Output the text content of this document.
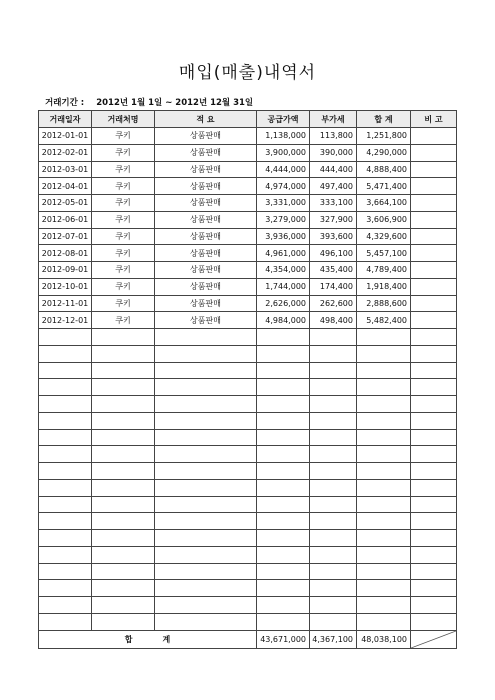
매입(매출)내역서
거래기간 : 2012년 1월 1일 ~ 2012년 12월 31일
거래일자	거래처명	적 요	공급가액	부가세	합 계	비 고
2012-01-01	쿠키	상품판매	1,138,000	113,800	1,251,800	
2012-02-01	쿠키	상품판매	3,900,000	390,000	4,290,000	
2012-03-01	쿠키	상품판매	4,444,000	444,400	4,888,400	
2012-04-01	쿠키	상품판매	4,974,000	497,400	5,471,400	
2012-05-01	쿠키	상품판매	3,331,000	333,100	3,664,100	
2012-06-01	쿠키	상품판매	3,279,000	327,900	3,606,900	
2012-07-01	쿠키	상품판매	3,936,000	393,600	4,329,600	
2012-08-01	쿠키	상품판매	4,961,000	496,100	5,457,100	
2012-09-01	쿠키	상품판매	4,354,000	435,400	4,789,400	
2012-10-01	쿠키	상품판매	1,744,000	174,400	1,918,400	
2012-11-01	쿠키	상품판매	2,626,000	262,600	2,888,600	
2012-12-01	쿠키	상품판매	4,984,000	498,400	5,482,400	

합 계			43,671,000	4,367,100	48,038,100	
